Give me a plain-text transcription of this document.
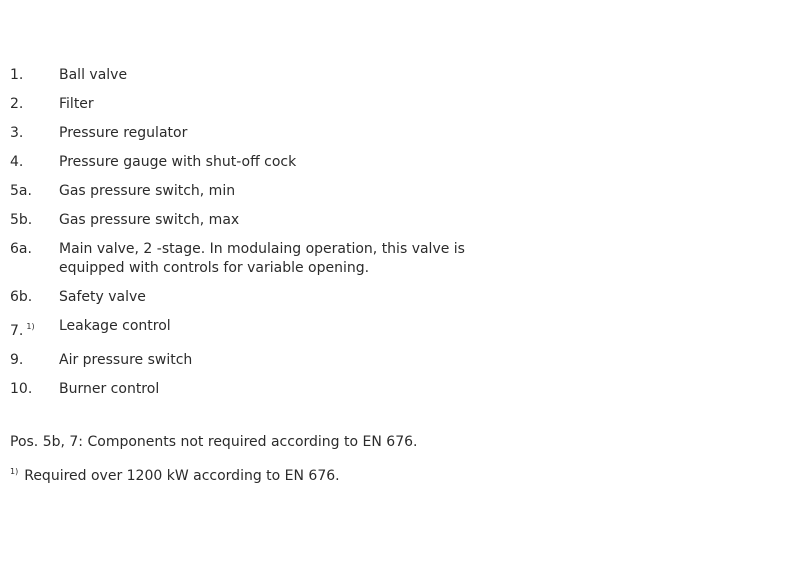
1.	Ball valve
2.	Filter
3.	Pressure regulator
4.	Pressure gauge with shut-off cock
5a.	Gas pressure switch, min
5b.	Gas pressure switch, max
6a.	Main valve, 2 -stage. In modulaing operation, this valve is equipped with controls for variable opening.
6b.	Safety valve
7. $^{1)}$	Leakage control
9.	Air pressure switch
10.	Burner control
Pos. 5b, 7: Components not required according to EN 676.
$^{1)}$ Required over 1200 kW according to EN 676.
